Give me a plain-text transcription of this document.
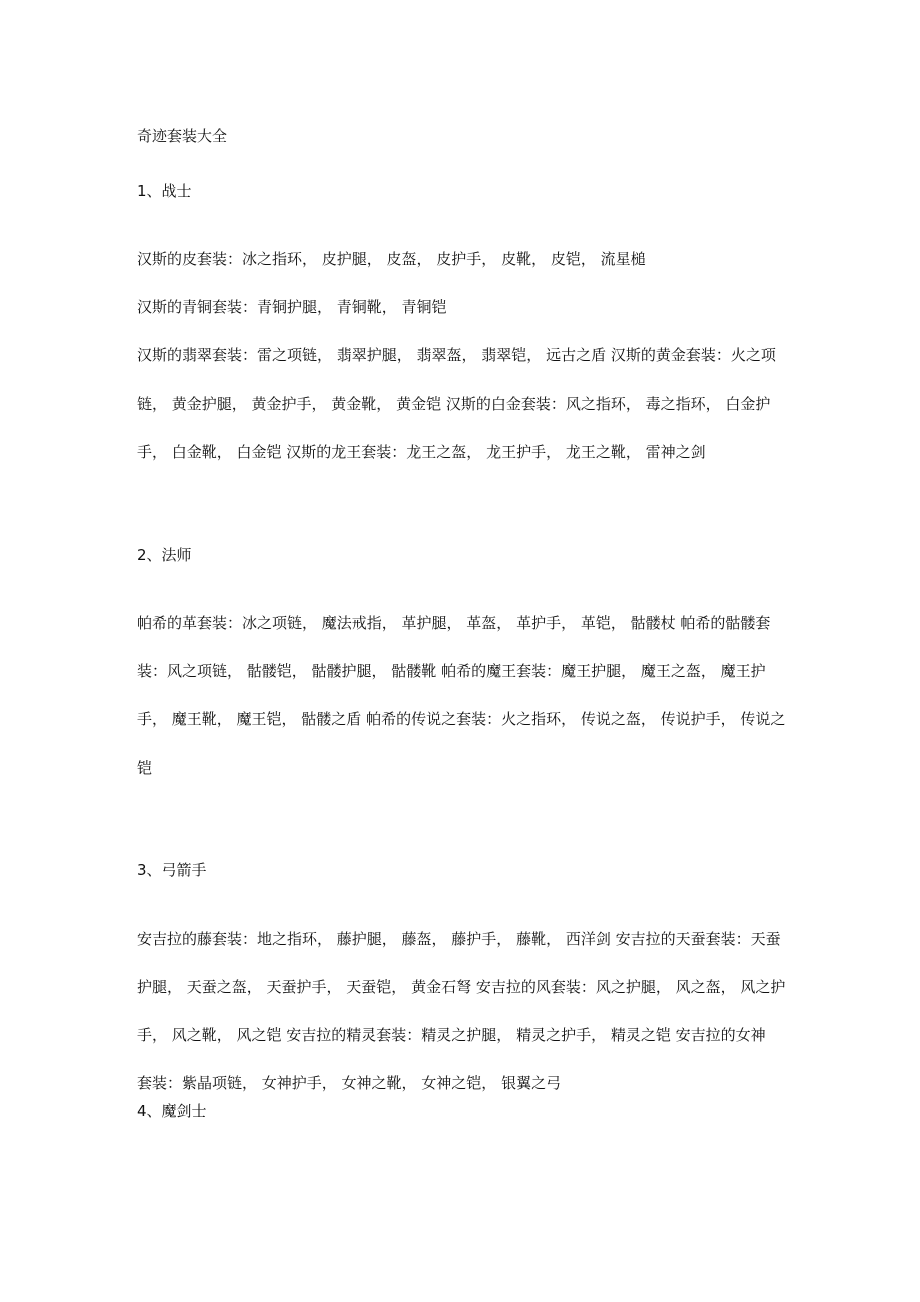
奇迹套装大全
1、战士
汉斯的皮套装：冰之指环， 皮护腿， 皮盔， 皮护手， 皮靴， 皮铠， 流星槌
汉斯的青铜套装：青铜护腿， 青铜靴， 青铜铠
汉斯的翡翠套装：雷之项链， 翡翠护腿， 翡翠盔， 翡翠铠， 远古之盾 汉斯的黄金套装：火之项
链， 黄金护腿， 黄金护手， 黄金靴， 黄金铠 汉斯的白金套装：风之指环， 毒之指环， 白金护
手， 白金靴， 白金铠 汉斯的龙王套装：龙王之盔， 龙王护手， 龙王之靴， 雷神之剑
2、法师
帕希的革套装：冰之项链， 魔法戒指， 革护腿， 革盔， 革护手， 革铠， 骷髅杖 帕希的骷髅套
装：风之项链， 骷髅铠， 骷髅护腿， 骷髅靴 帕希的魔王套装：魔王护腿， 魔王之盔， 魔王护
手， 魔王靴， 魔王铠， 骷髅之盾 帕希的传说之套装：火之指环， 传说之盔， 传说护手， 传说之
铠
3、弓箭手
安吉拉的藤套装：地之指环， 藤护腿， 藤盔， 藤护手， 藤靴， 西洋剑 安吉拉的天蚕套装：天蚕
护腿， 天蚕之盔， 天蚕护手， 天蚕铠， 黄金石弩 安吉拉的风套装：风之护腿， 风之盔， 风之护
手， 风之靴， 风之铠 安吉拉的精灵套装：精灵之护腿， 精灵之护手， 精灵之铠 安吉拉的女神
套装：紫晶项链， 女神护手， 女神之靴， 女神之铠， 银翼之弓
4、魔剑士
